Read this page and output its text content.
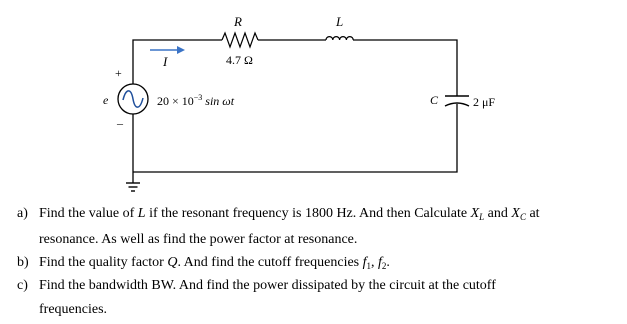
R
4.7 Ω
L
I
+
–
e	$20 \times 10^{-3}$ sin ωt	C	2 μF
a) Find the value of L if the resonant frequency is 1800 Hz. And then Calculate $X_L$ and $X_C$ at
resonance. As well as find the power factor at resonance.
b) Find the quality factor Q. And find the cutoff frequencies $f_1$, $f_2$.
c) Find the bandwidth BW. And find the power dissipated by the circuit at the cutoff
frequencies.
